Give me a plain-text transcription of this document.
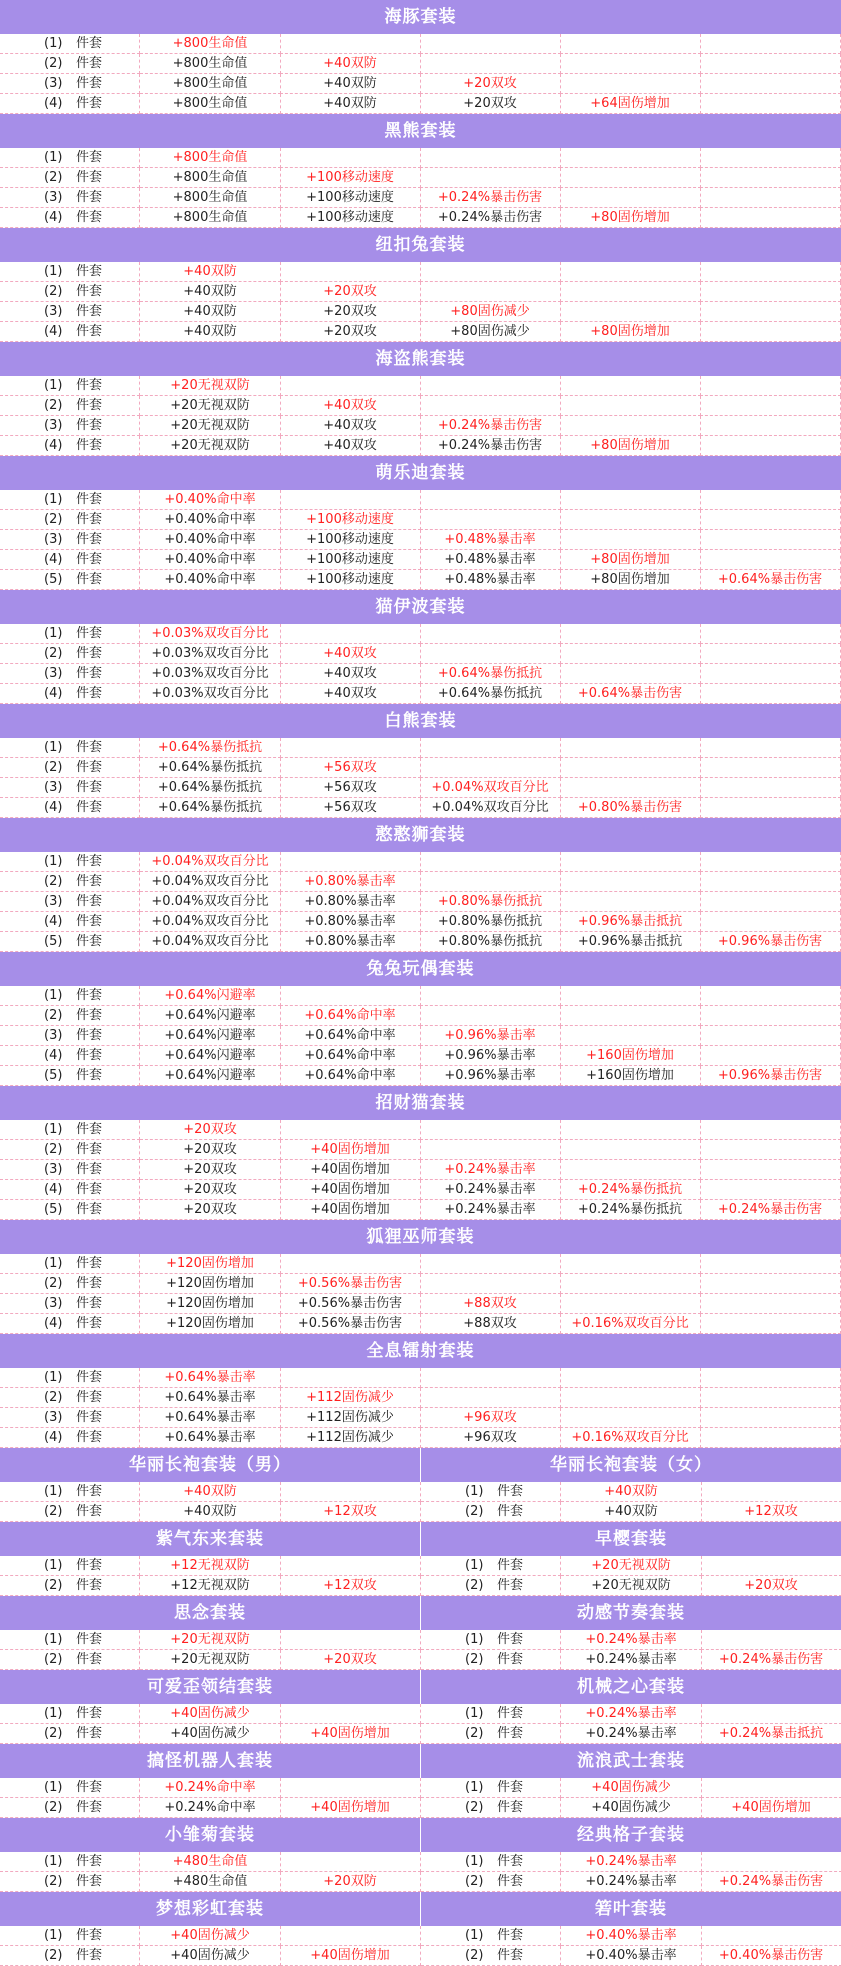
海豚套装
(1) 件套	+800生命值
(2) 件套	+800生命值	+40双防
(3) 件套	+800生命值	+40双防	+20双攻
(4) 件套	+800生命值	+40双防	+20双攻	+64固伤增加
黑熊套装
(1) 件套	+800生命值
(2) 件套	+800生命值	+100移动速度
(3) 件套	+800生命值	+100移动速度	+0.24%暴击伤害
(4) 件套	+800生命值	+100移动速度	+0.24%暴击伤害	+80固伤增加
纽扣兔套装
(1) 件套	+40双防
(2) 件套	+40双防	+20双攻
(3) 件套	+40双防	+20双攻	+80固伤减少
(4) 件套	+40双防	+20双攻	+80固伤减少	+80固伤增加
海盗熊套装
(1) 件套	+20无视双防
(2) 件套	+20无视双防	+40双攻
(3) 件套	+20无视双防	+40双攻	+0.24%暴击伤害
(4) 件套	+20无视双防	+40双攻	+0.24%暴击伤害	+80固伤增加
萌乐迪套装
(1) 件套	+0.40%命中率
(2) 件套	+0.40%命中率	+100移动速度
(3) 件套	+0.40%命中率	+100移动速度	+0.48%暴击率
(4) 件套	+0.40%命中率	+100移动速度	+0.48%暴击率	+80固伤增加
(5) 件套	+0.40%命中率	+100移动速度	+0.48%暴击率	+80固伤增加	+0.64%暴击伤害
猫伊波套装
(1) 件套	+0.03%双攻百分比
(2) 件套	+0.03%双攻百分比	+40双攻
(3) 件套	+0.03%双攻百分比	+40双攻	+0.64%暴伤抵抗
(4) 件套	+0.03%双攻百分比	+40双攻	+0.64%暴伤抵抗	+0.64%暴击伤害
白熊套装
(1) 件套	+0.64%暴伤抵抗
(2) 件套	+0.64%暴伤抵抗	+56双攻
(3) 件套	+0.64%暴伤抵抗	+56双攻	+0.04%双攻百分比
(4) 件套	+0.64%暴伤抵抗	+56双攻	+0.04%双攻百分比	+0.80%暴击伤害
憨憨狮套装
(1) 件套	+0.04%双攻百分比
(2) 件套	+0.04%双攻百分比	+0.80%暴击率
(3) 件套	+0.04%双攻百分比	+0.80%暴击率	+0.80%暴伤抵抗
(4) 件套	+0.04%双攻百分比	+0.80%暴击率	+0.80%暴伤抵抗	+0.96%暴击抵抗
(5) 件套	+0.04%双攻百分比	+0.80%暴击率	+0.80%暴伤抵抗	+0.96%暴击抵抗	+0.96%暴击伤害
兔兔玩偶套装
(1) 件套	+0.64%闪避率
(2) 件套	+0.64%闪避率	+0.64%命中率
(3) 件套	+0.64%闪避率	+0.64%命中率	+0.96%暴击率
(4) 件套	+0.64%闪避率	+0.64%命中率	+0.96%暴击率	+160固伤增加
(5) 件套	+0.64%闪避率	+0.64%命中率	+0.96%暴击率	+160固伤增加	+0.96%暴击伤害
招财猫套装
(1) 件套	+20双攻
(2) 件套	+20双攻	+40固伤增加
(3) 件套	+20双攻	+40固伤增加	+0.24%暴击率
(4) 件套	+20双攻	+40固伤增加	+0.24%暴击率	+0.24%暴伤抵抗
(5) 件套	+20双攻	+40固伤增加	+0.24%暴击率	+0.24%暴伤抵抗	+0.24%暴击伤害
狐狸巫师套装
(1) 件套	+120固伤增加
(2) 件套	+120固伤增加	+0.56%暴击伤害
(3) 件套	+120固伤增加	+0.56%暴击伤害	+88双攻
(4) 件套	+120固伤增加	+0.56%暴击伤害	+88双攻	+0.16%双攻百分比
全息镭射套装
(1) 件套	+0.64%暴击率
(2) 件套	+0.64%暴击率	+112固伤减少
(3) 件套	+0.64%暴击率	+112固伤减少	+96双攻
(4) 件套	+0.64%暴击率	+112固伤减少	+96双攻	+0.16%双攻百分比
华丽长袍套装（男）
(1) 件套	+40双防
(2) 件套	+40双防	+12双攻
华丽长袍套装（女）
(1) 件套	+40双防
(2) 件套	+40双防	+12双攻
紫气东来套装
(1) 件套	+12无视双防
(2) 件套	+12无视双防	+12双攻
早樱套装
(1) 件套	+20无视双防
(2) 件套	+20无视双防	+20双攻
思念套装
(1) 件套	+20无视双防
(2) 件套	+20无视双防	+20双攻
动感节奏套装
(1) 件套	+0.24%暴击率
(2) 件套	+0.24%暴击率	+0.24%暴击伤害
可爱歪领结套装
(1) 件套	+40固伤减少
(2) 件套	+40固伤减少	+40固伤增加
机械之心套装
(1) 件套	+0.24%暴击率
(2) 件套	+0.24%暴击率	+0.24%暴击抵抗
搞怪机器人套装
(1) 件套	+0.24%命中率
(2) 件套	+0.24%命中率	+40固伤增加
流浪武士套装
(1) 件套	+40固伤减少
(2) 件套	+40固伤减少	+40固伤增加
小雏菊套装
(1) 件套	+480生命值
(2) 件套	+480生命值	+20双防
经典格子套装
(1) 件套	+0.24%暴击率
(2) 件套	+0.24%暴击率	+0.24%暴击伤害
梦想彩虹套装
(1) 件套	+40固伤减少
(2) 件套	+40固伤减少	+40固伤增加
箬叶套装
(1) 件套	+0.40%暴击率
(2) 件套	+0.40%暴击率	+0.40%暴击伤害
